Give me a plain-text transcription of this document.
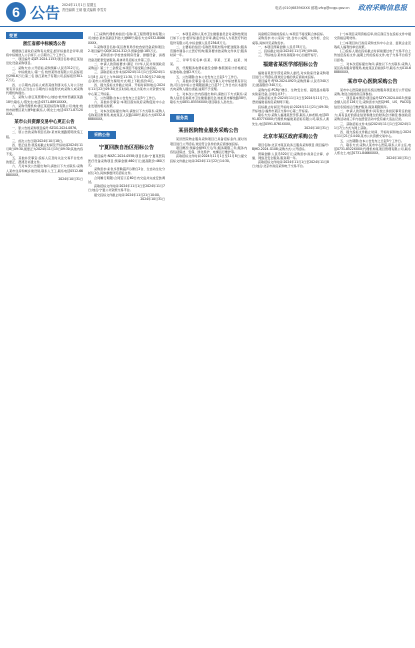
6 公告 2024年11月1日 星期五
责任编辑 王硕 版式编辑 李雪芳	电话:(010)6839XXXX 邮箱:zfcg@ccgp.gov.cn 政府采购信息报
变更
浙江省部中标候选公告

根据浙江省政府采购有关规定,经评标委员会评审,现将中标候选人公示如下,公示期为三个工作日。

一、项目编号:ZJZF-2024-1153;项目名称:浙江某信息化设备采购项目。

二、采购方式:公开招标;采购预算:人民币312万元。

三、中标候选人:第一名 杭州某科技有限公司,投标报价298.6万元;第二名 浙江某电子有限公司,投标报价301.2万元。

四、公示期内,投标人或者其他利害关系人对公示结果有异议的,应当在公示期内以书面形式向采购人或采购代理机构提出。

五、采购人:浙江某管理中心;地址:杭州市西湖区某路18号;联系人:陈先生;电话:0571-8891XXXX。

六、采购代理机构:浙江某招标咨询有限公司;地址:杭州市拱墅区某大厦9楼;联系人:周女士;电话:0571-8712XXXX。

某市公共资源交易中心更正公告

一、原公告的采购项目编号:SZGG-2024-0876。

二、原公告的采购项目名称:某市政道路照明改造工程。

三、首次公告日期:2024年10月18日。

四、更正信息:原投标截止时间及开标时间2024年11月8日09:30,现更正为2024年11月15日09:30;其他内容不变。

五、其他补充事宜:投标人应及时关注交易平台发布的更正、澄清及补遗文件。

六、凡对本次公告提出询问,请按以下方式联系:采购人某市住房和城乡建设局,联系人王工,联系电话0512-6688XXXX。

2024年10月31日

(三)采购代理机构信息:名称:某工程管理咨询有限公司;地址:某市高新区科技大道66号;联系方式:0532-8066XXXX。

1.采购项目名称:某区教育局学校食堂设备采购项目;2.项目编号:QDJY-2024-312;3.预算金额:185万元。

一、采购需求:学校食堂厨房设备、排烟设备、消毒设备及配套安装服务,具体详见招标文件第三章。

二、申请人的资格要求:满足《中华人民共和国政府采购法》第二十二条规定;本项目不接受联合体投标。

三、获取招标文件:时间2024年11月1日至2024年11月8日,每天上午9:00至11:30,下午13:30至17:00;地点:某市公共资源交易网;方式:网上下载;售价:0元。

四、提交投标文件截止时间、开标时间和地点:2024年11月22日09:30(北京时间),地点为某市公共资源交易中心第三开标室。

五、公告期限:自本公告发布之日起5个工作日。

六、其他补充事宜:本项目落实政府采购促进中小企业发展的相关政策。

七、对本次招标提出询问,请按以下方式联系:采购人名称某区教育局,地址某区人民路100号,联系方式0532-8888XXXX。

采购公告
宁夏回族自治区招标公告

项目编号:NXZC-2024-0558;项目名称:宁夏某医院医疗设备采购项目;预算金额:460万元;最高限价:460万元。

采购需求:彩色多普勒超声诊断仪2台、全自动生化分析仪1台,具体参数详见招标文件。

合同履行期限:合同签订后60日内交货并完成安装调试。

获取招标文件时间:2024年11月1日至2024年11月7日;地点:宁夏公共资源交易平台。

提交投标文件截止时间:2024年11月21日10:00。

2024年10月31日

一、本项目采购人某市卫生健康委员会对采购结果进行如下公告:经评标委员会评审,确定中标人为某医疗科技股份有限公司,中标金额人民币236.8万元。

二、主要标的信息:名称医用耗材集中配送服务;服务范围市属各公立医疗机构;服务要求按采购文件执行;服务时间一年。

三、评审专家名单:张某、李某、王某、赵某、刘某。

四、代理服务收费标准及金额:参照国家计价格规定标准收取,金额2.9万元。

五、公告期限:自本公告发布之日起1个工作日。

六、其他补充事宜:各有关当事人对中标结果有异议的,可以在中标公告期限届满之日起7个工作日内以书面形式向采购人提出质疑,逾期不予受理。

七、对本次公告内容提出询问,请按以下方式联系:采购人信息名称某市卫生健康委员会,地址某市解放路58号,联系方式0851-8555XXXX;项目联系人孙先生。

服务类
某县医院物业服务采购公告

某县医院物业服务采购项目已具备招标条件,现对该项目进行公开招标,欢迎符合条件的供应商参加投标。

项目概况:预算金额95万元/年;服务期限三年;服务内容包括保洁、安保、绿化养护、电梯运行维护等。

获取招标文件时间:2024年11月1日至11月8日;提交投标文件截止时间:2024年11月22日14:30。

具备相应资格的投标人:本项目不接受联合体投标。

采购需求:办公家具一批,含办公桌椅、文件柜、会议桌等,具体详见采购需求。

一、本项目预算金额:人民币78万元。

二、投标截止时间:2024年11月19日09:00。

三、开标地点:某市政务服务中心四楼开标厅。

福建省某医学部招标公告

福建省某医学部受采购人委托,对实验室设备采购项目进行公开招标,现欢迎合格的供应商前来投标。

项目编号:FJYX-2024-0923;采购预算:人民币340万元;最高限价:340万元。

采购内容:PCR扩增仪、生物安全柜、超低温冰箱等实验室设备,合同包共3个。

获取招标文件:2024年11月1日至2024年11月7日,登录福建省政府采购网下载。

投标截止时间及开标时间:2024年11月21日09:30;开标地点:福州市某区交易中心第二开标室。

联系方式:采购人福建某医学部,联系人林老师,电话0591-8377XXXX;代理机构福建某招标有限公司,联系人黄先生,电话0591-8761XXXX。

2024年10月31日

北京市某区政府采购公告

项目名称:北京市某区政务云服务采购项目;项目编号:BJHD-2024-G108;采购方式:公开招标。

预算金额:人民币520万元;采购需求:政务云计算、存储、网络及安全服务,服务期一年。

获取招标文件时间:2024年11月1日至2024年11月8日;地点:北京市政府采购电子交易平台。

(一)本项目采用资格后审,供应商应当在投标文件中提交资格证明材料。

(二)本项目执行政府采购支持中小企业、监狱企业及残疾人福利性单位政策。

(三)投标人须在投标截止时间前通过电子交易平台上传加密投标文件,逾期上传的投标文件,电子交易平台将予以拒收。

二、对本次招标提出询问,请按以下方式联系:采购人某区政务服务管理局,地址某区府前街1号,联系方式010-6888XXXX。

某市中心医院采购公告

某市中心医院就信息系统运维服务项目进行公开招标采购,欢迎合格的供应商参加。

一、项目基本情况:项目编号SZYY-2024-0415;预算金额人民币126万元;采购需求为医院HIS、LIS、PACS等信息系统的运行维护服务,服务期限两年。

二、申请人的资格要求:具有独立承担民事责任的能力;具有良好的商业信誉和健全的财务会计制度;参加政府采购活动前三年内在经营活动中没有重大违法记录。

三、获取招标文件:时间2024年11月1日至2024年11月7日;方式为网上获取。

四、提交投标文件截止时间、开标时间和地点:2024年11月21日14:00,某市公共资源交易中心。

五、公告期限:自本公告发布之日起5个工作日。

六、联系方式:采购人某市中心医院,联系人许主任,电话0731-8522XXXX;代理机构某项目管理有限公司,联系人郑女士,电话0731-8466XXXX。

2024年10月31日
